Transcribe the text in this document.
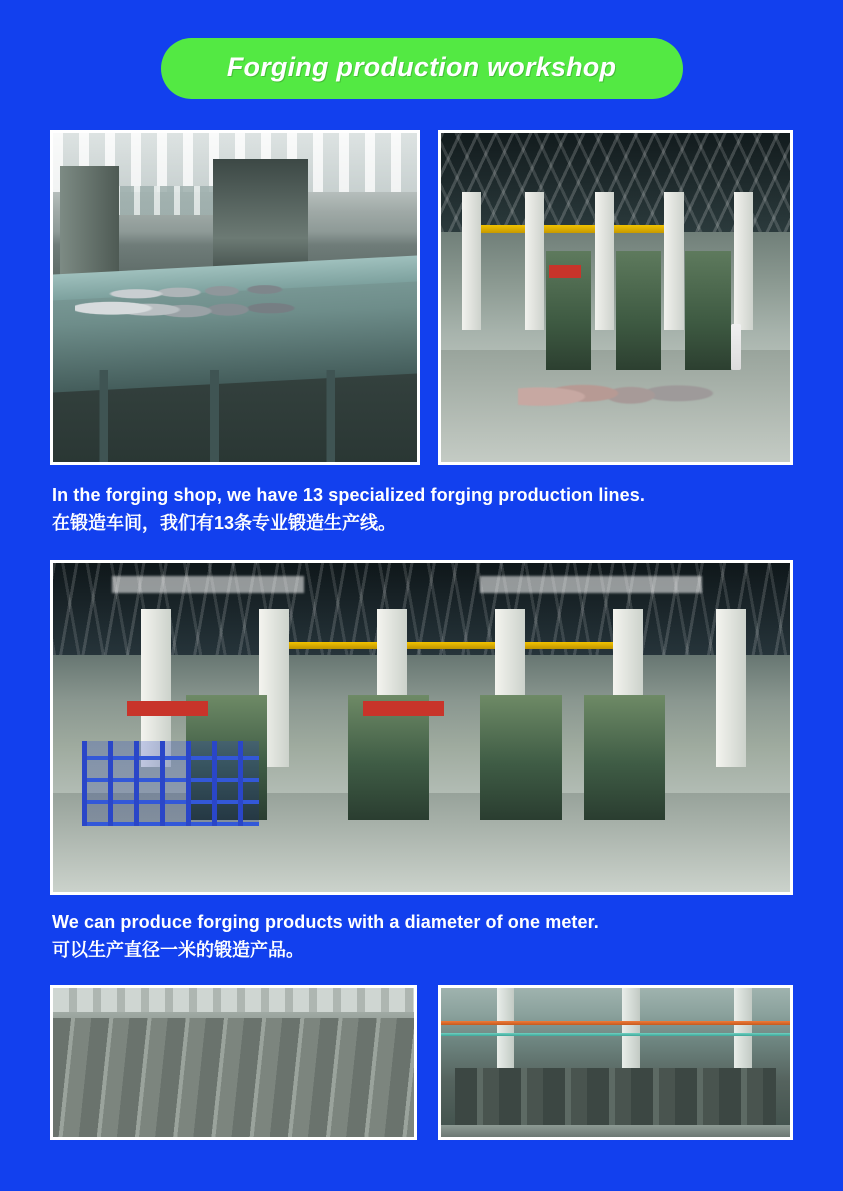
Forging production workshop
In the forging shop, we have 13 specialized forging production lines.
在锻造车间，我们有13条专业锻造生产线。
We can produce forging products with a diameter of one meter.
可以生产直径一米的锻造产品。
